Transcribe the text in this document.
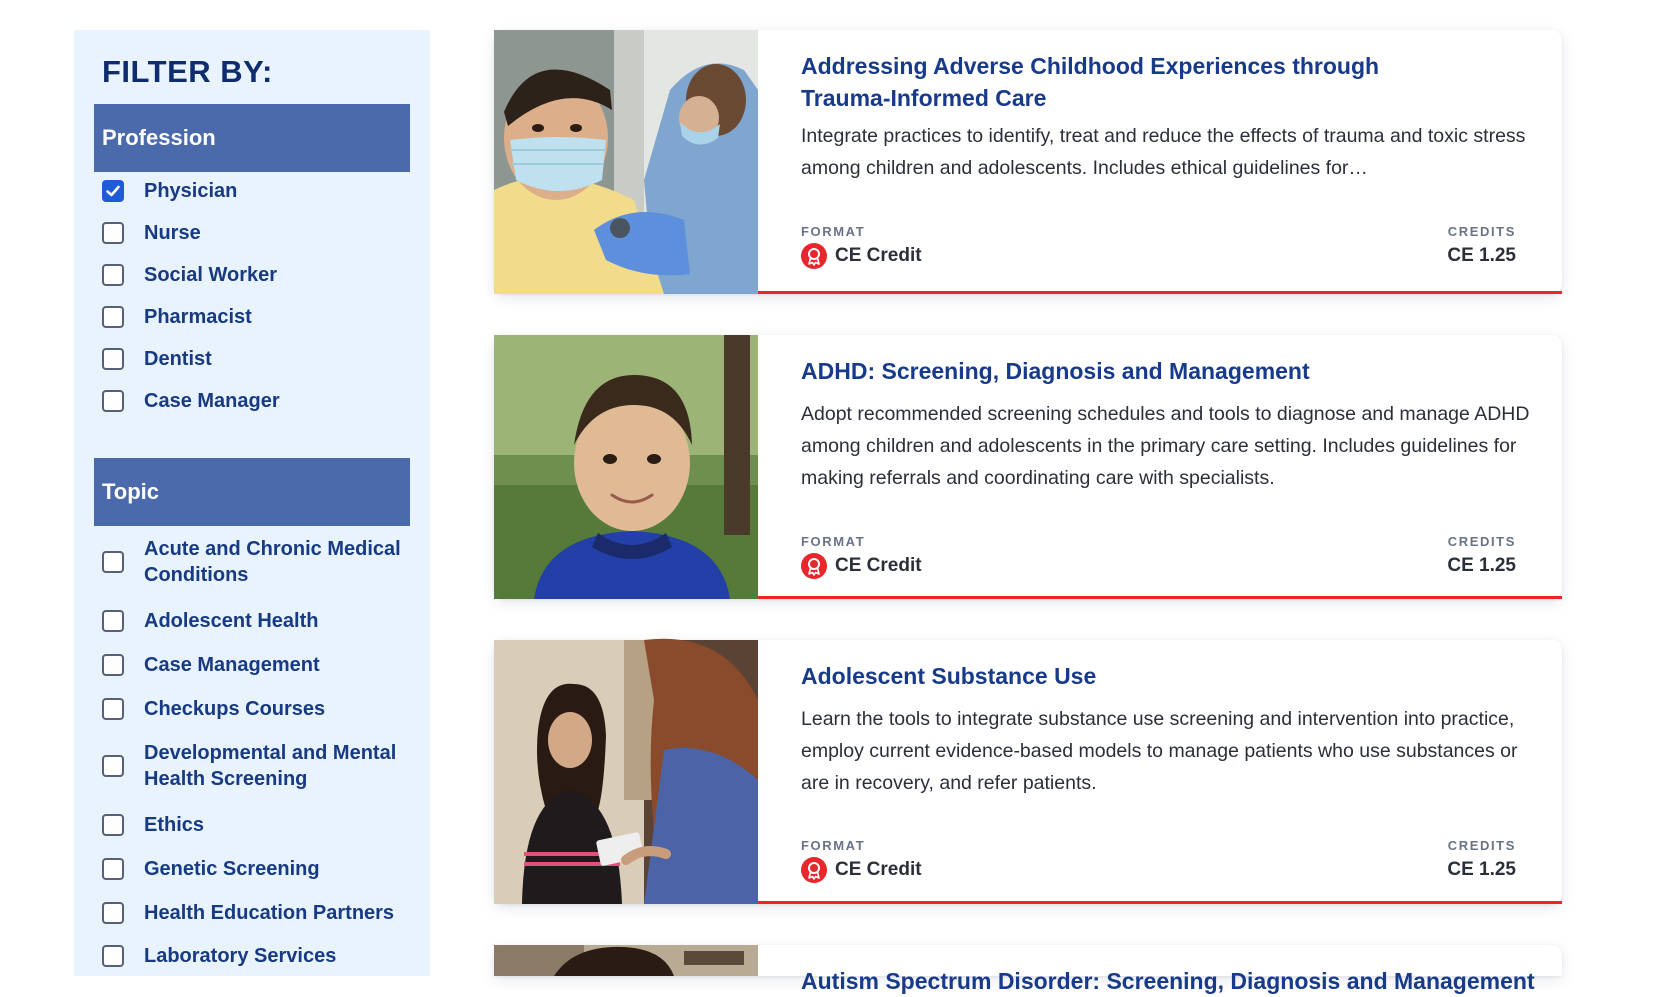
FILTER BY:
Profession
Physician
Nurse
Social Worker
Pharmacist
Dentist
Case Manager
Topic
Acute and Chronic Medical Conditions
Adolescent Health
Case Management
Checkups Courses
Developmental and Mental Health Screening
Ethics
Genetic Screening
Health Education Partners
Laboratory Services
Addressing Adverse Childhood Experiences through Trauma-Informed Care

Integrate practices to identify, treat and reduce the effects of trauma and toxic stress among children and adolescents. Includes ethical guidelines for…

FORMAT
CE Credit
CREDITS
CE 1.25
ADHD: Screening, Diagnosis and Management

Adopt recommended screening schedules and tools to diagnose and manage ADHD among children and adolescents in the primary care setting. Includes guidelines for making referrals and coordinating care with specialists.

FORMAT
CE Credit
CREDITS
CE 1.25
Adolescent Substance Use

Learn the tools to integrate substance use screening and intervention into practice, employ current evidence-based models to manage patients who use substances or are in recovery, and refer patients.

FORMAT
CE Credit
CREDITS
CE 1.25
Autism Spectrum Disorder: Screening, Diagnosis and Management
